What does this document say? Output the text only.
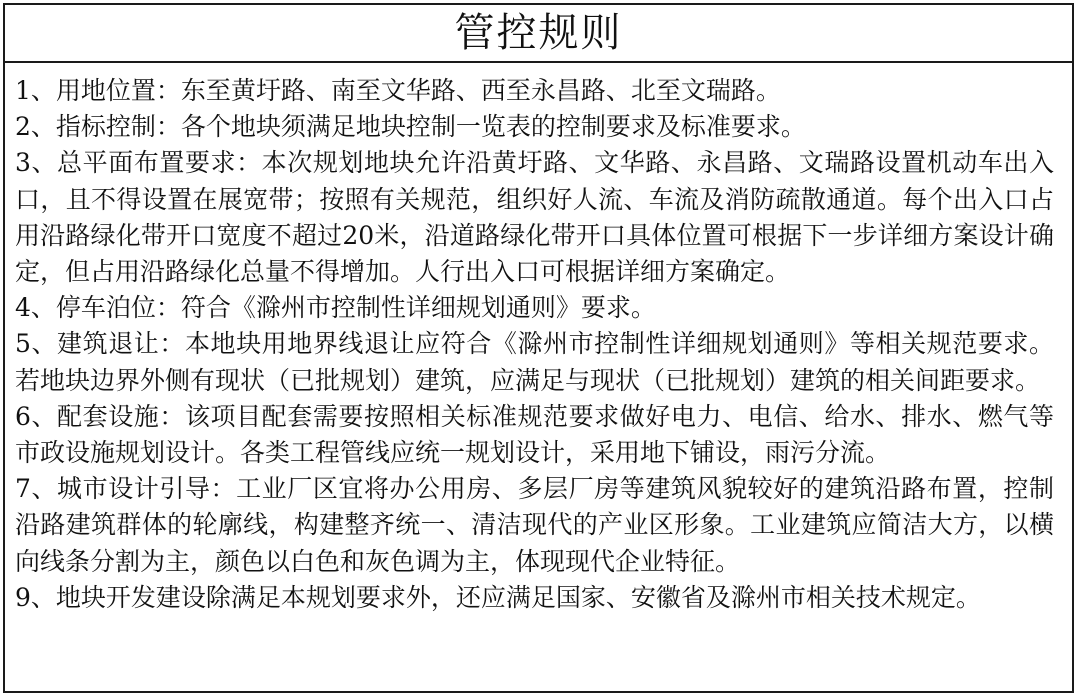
管控规则

1、用地位置：东至黄圩路、南至文华路、西至永昌路、北至文瑞路。

2、指标控制：各个地块须满足地块控制一览表的控制要求及标准要求。

3、总平面布置要求：本次规划地块允许沿黄圩路、文华路、永昌路、文瑞路设置机动车出入口，且不得设置在展宽带；按照有关规范，组织好人流、车流及消防疏散通道。每个出入口占用沿路绿化带开口宽度不超过20米，沿道路绿化带开口具体位置可根据下一步详细方案设计确定，但占用沿路绿化总量不得增加。人行出入口可根据详细方案确定。

4、停车泊位：符合《滁州市控制性详细规划通则》要求。

5、建筑退让：本地块用地界线退让应符合《滁州市控制性详细规划通则》等相关规范要求。若地块边界外侧有现状（已批规划）建筑，应满足与现状（已批规划）建筑的相关间距要求。

6、配套设施：该项目配套需要按照相关标准规范要求做好电力、电信、给水、排水、燃气等市政设施规划设计。各类工程管线应统一规划设计，采用地下铺设，雨污分流。

7、城市设计引导：工业厂区宜将办公用房、多层厂房等建筑风貌较好的建筑沿路布置，控制沿路建筑群体的轮廓线，构建整齐统一、清洁现代的产业区形象。工业建筑应简洁大方，以横向线条分割为主，颜色以白色和灰色调为主，体现现代企业特征。

9、地块开发建设除满足本规划要求外，还应满足国家、安徽省及滁州市相关技术规定。
